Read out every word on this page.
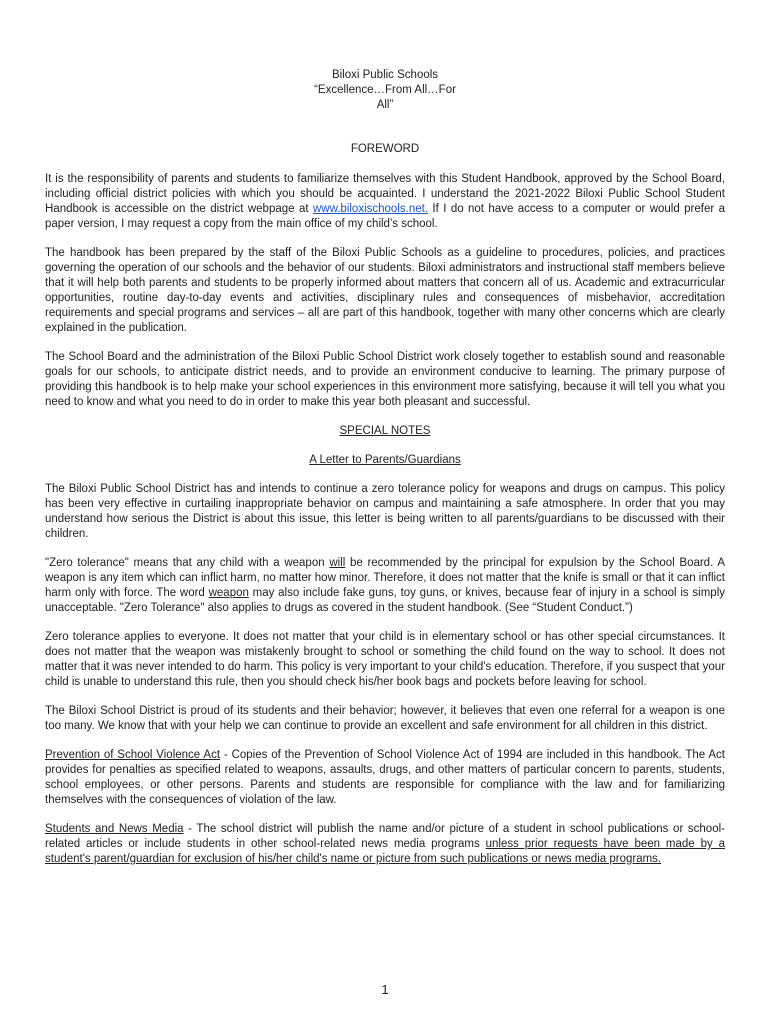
Biloxi Public Schools
“Excellence…From All…For
All”
FOREWORD

It is the responsibility of parents and students to familiarize themselves with this Student Handbook, approved by the School Board, including official district policies with which you should be acquainted. I understand the 2021-2022 Biloxi Public School Student Handbook is accessible on the district webpage at www.biloxischools.net. If I do not have access to a computer or would prefer a paper version, I may request a copy from the main office of my child’s school.

The handbook has been prepared by the staff of the Biloxi Public Schools as a guideline to procedures, policies, and practices governing the operation of our schools and the behavior of our students. Biloxi administrators and instructional staff members believe that it will help both parents and students to be properly informed about matters that concern all of us. Academic and extracurricular opportunities, routine day-to-day events and activities, disciplinary rules and consequences of misbehavior, accreditation requirements and special programs and services – all are part of this handbook, together with many other concerns which are clearly explained in the publication.

The School Board and the administration of the Biloxi Public School District work closely together to establish sound and reasonable goals for our schools, to anticipate district needs, and to provide an environment conducive to learning. The primary purpose of providing this handbook is to help make your school experiences in this environment more satisfying, because it will tell you what you need to know and what you need to do in order to make this year both pleasant and successful.

SPECIAL NOTES

A Letter to Parents/Guardians

The Biloxi Public School District has and intends to continue a zero tolerance policy for weapons and drugs on campus. This policy has been very effective in curtailing inappropriate behavior on campus and maintaining a safe atmosphere. In order that you may understand how serious the District is about this issue, this letter is being written to all parents/guardians to be discussed with their children.

"Zero tolerance" means that any child with a weapon will be recommended by the principal for expulsion by the School Board. A weapon is any item which can inflict harm, no matter how minor. Therefore, it does not matter that the knife is small or that it can inflict harm only with force. The word weapon may also include fake guns, toy guns, or knives, because fear of injury in a school is simply unacceptable. "Zero Tolerance" also applies to drugs as covered in the student handbook. (See “Student Conduct.”)

Zero tolerance applies to everyone. It does not matter that your child is in elementary school or has other special circumstances. It does not matter that the weapon was mistakenly brought to school or something the child found on the way to school. It does not matter that it was never intended to do harm. This policy is very important to your child's education. Therefore, if you suspect that your child is unable to understand this rule, then you should check his/her book bags and pockets before leaving for school.

The Biloxi School District is proud of its students and their behavior; however, it believes that even one referral for a weapon is one too many. We know that with your help we can continue to provide an excellent and safe environment for all children in this district.

Prevention of School Violence Act - Copies of the Prevention of School Violence Act of 1994 are included in this handbook. The Act provides for penalties as specified related to weapons, assaults, drugs, and other matters of particular concern to parents, students, school employees, or other persons. Parents and students are responsible for compliance with the law and for familiarizing themselves with the consequences of violation of the law.

Students and News Media - The school district will publish the name and/or picture of a student in school publications or school-related articles or include students in other school-related news media programs unless prior requests have been made by a student's parent/guardian for exclusion of his/her child's name or picture from such publications or news media programs.

1
